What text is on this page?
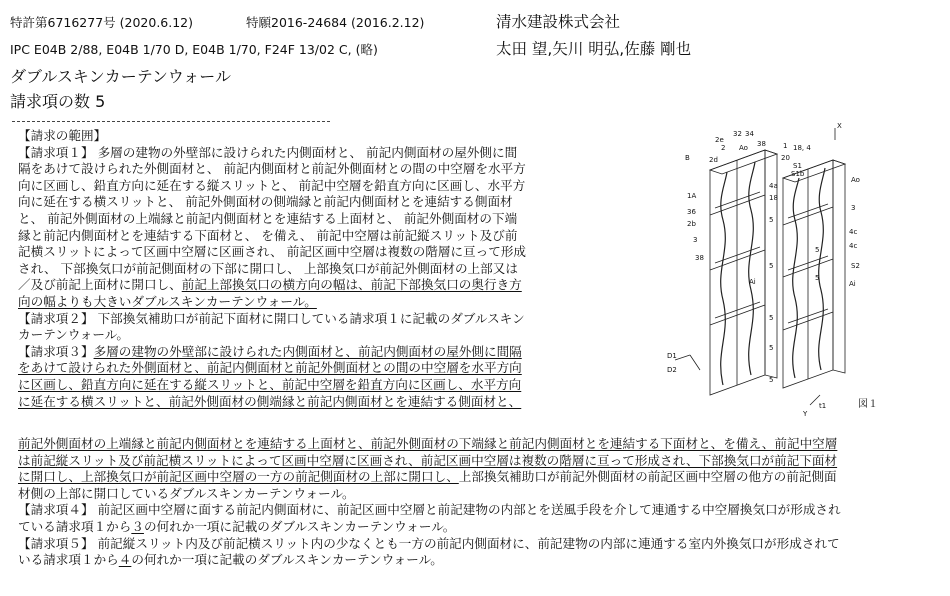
特許第6716277号 (2020.6.12)	特願2016-24684 (2016.2.12)	清水建設株式会社
IPC E04B 2/88, E04B 1/70 D, E04B 1/70, F24F 13/02 C, (略)	太田 望,矢川 明弘,佐藤 剛也
ダブルスキンカーテンウォール
請求項の数 5
【請求の範囲】
【請求項１】 多層の建物の外壁部に設けられた内側面材と、 前記内側面材の屋外側に間
隔をあけて設けられた外側面材と、 前記内側面材と前記外側面材との間の中空層を水平方
向に区画し、鉛直方向に延在する縦スリットと、 前記中空層を鉛直方向に区画し、水平方
向に延在する横スリットと、 前記外側面材の側端縁と前記内側面材とを連結する側面材
と、 前記外側面材の上端縁と前記内側面材とを連結する上面材と、 前記外側面材の下端
縁と前記内側面材とを連結する下面材と、 を備え、 前記中空層は前記縦スリット及び前
記横スリットによって区画中空層に区画され、 前記区画中空層は複数の階層に亘って形成
され、 下部換気口が前記側面材の下部に開口し、 上部換気口が前記外側面材の上部又は
／及び前記上面材に開口し、前記上部換気口の横方向の幅は、前記下部換気口の奥行き方
向の幅よりも大きいダブルスキンカーテンウォール。
【請求項２】 下部換気補助口が前記下面材に開口している請求項１に記載のダブルスキン
カーテンウォール。
【請求項３】多層の建物の外壁部に設けられた内側面材と、前記内側面材の屋外側に間隔
をあけて設けられた外側面材と、前記内側面材と前記外側面材との間の中空層を水平方向
に区画し、鉛直方向に延在する縦スリットと、前記中空層を鉛直方向に区画し、水平方向
に延在する横スリットと、前記外側面材の側端縁と前記内側面材とを連結する側面材と、
前記外側面材の上端縁と前記内側面材とを連結する上面材と、前記外側面材の下端縁と前記内側面材とを連結する下面材と、を備え、前記中空層
は前記縦スリット及び前記横スリットによって区画中空層に区画され、前記区画中空層は複数の階層に亘って形成され、下部換気口が前記下面材
に開口し、上部換気口が前記区画中空層の一方の前記側面材の上部に開口し、上部換気補助口が前記外側面材の前記区画中空層の他方の前記側面
材側の上部に開口しているダブルスキンカーテンウォール。
【請求項４】 前記区画中空層に面する前記内側面材に、前記区画中空層と前記建物の内部とを送風手段を介して連通する中空層換気口が形成され
ている請求項１から３の何れか一項に記載のダブルスキンカーテンウォール。
【請求項５】 前記縦スリット内及び前記横スリット内の少なくとも一方の前記内側面材に、前記建物の内部に連通する室内外換気口が形成されて
いる請求項１から４の何れか一項に記載のダブルスキンカーテンウォール。
2e
32 34
2 Ao 38
X
1 18, 4
B	2d	20
S1
S1b
1A
36
2b
3
4a
18
38
Ao
3
5
5
4c
4c
5
5
S2
Ai	Ai
5
D1
D2
5
5
t1
Y
図１
